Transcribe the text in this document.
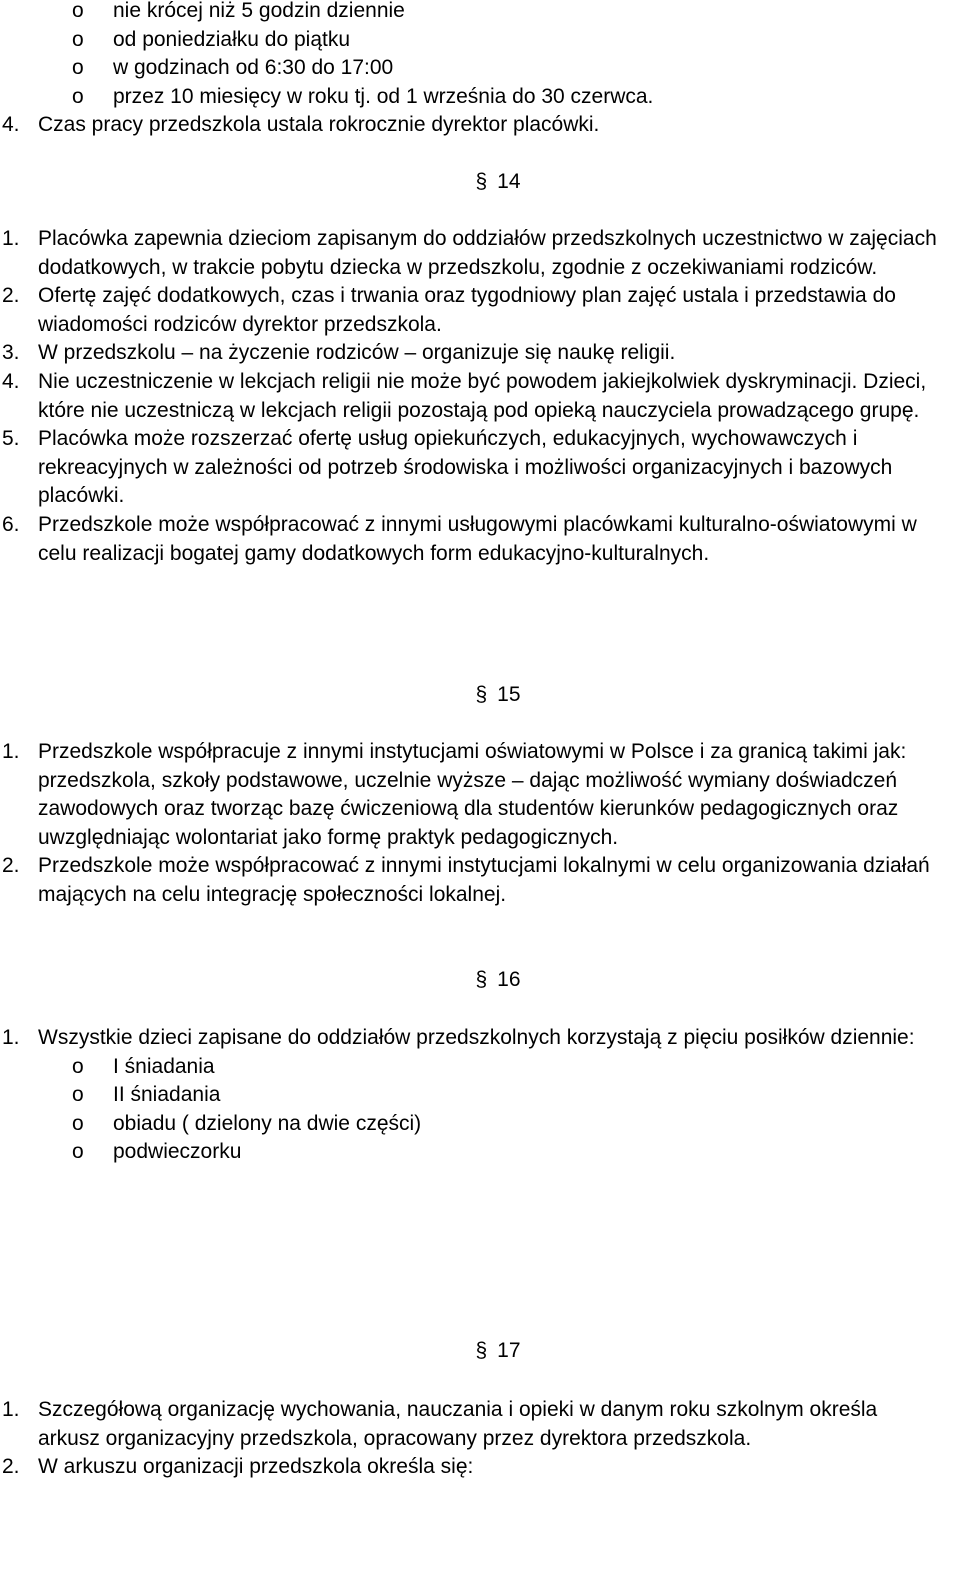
o nie krócej niż 5 godzin dziennie
o od poniedziałku do piątku
o w godzinach od 6:30 do 17:00
o przez 10 miesięcy w roku tj. od 1 września do 30 czerwca.
4. Czas pracy przedszkola ustala rokrocznie dyrektor placówki.
§ 14
1. Placówka zapewnia dzieciom zapisanym do oddziałów przedszkolnych uczestnictwo w zajęciach dodatkowych, w trakcie pobytu dziecka w przedszkolu, zgodnie z oczekiwaniami rodziców.
2. Ofertę zajęć dodatkowych, czas i trwania oraz tygodniowy plan zajęć ustala i przedstawia do wiadomości rodziców dyrektor przedszkola.
3. W przedszkolu – na życzenie rodziców – organizuje się naukę religii.
4. Nie uczestniczenie w lekcjach religii nie może być powodem jakiejkolwiek dyskryminacji. Dzieci, które nie uczestniczą w lekcjach religii pozostają pod opieką nauczyciela prowadzącego grupę.
5. Placówka może rozszerzać ofertę usług opiekuńczych, edukacyjnych, wychowawczych i rekreacyjnych w zależności od potrzeb środowiska i możliwości organizacyjnych i bazowych placówki.
6. Przedszkole może współpracować z innymi usługowymi placówkami kulturalno-oświatowymi w celu realizacji bogatej gamy dodatkowych form edukacyjno-kulturalnych.
§ 15
1. Przedszkole współpracuje z innymi instytucjami oświatowymi w Polsce i za granicą takimi jak: przedszkola, szkoły podstawowe, uczelnie wyższe – dając możliwość wymiany doświadczeń zawodowych oraz tworząc bazę ćwiczeniową dla studentów kierunków pedagogicznych oraz uwzględniając wolontariat jako formę praktyk pedagogicznych.
2. Przedszkole może współpracować z innymi instytucjami lokalnymi w celu organizowania działań mających na celu integrację społeczności lokalnej.
§ 16
1. Wszystkie dzieci zapisane do oddziałów przedszkolnych korzystają z pięciu posiłków dziennie:
o I śniadania
o II śniadania
o obiadu ( dzielony na dwie części)
o podwieczorku
§ 17
1. Szczegółową organizację wychowania, nauczania i opieki w danym roku szkolnym określa arkusz organizacyjny przedszkola, opracowany przez dyrektora przedszkola.
2. W arkuszu organizacji przedszkola określa się:
